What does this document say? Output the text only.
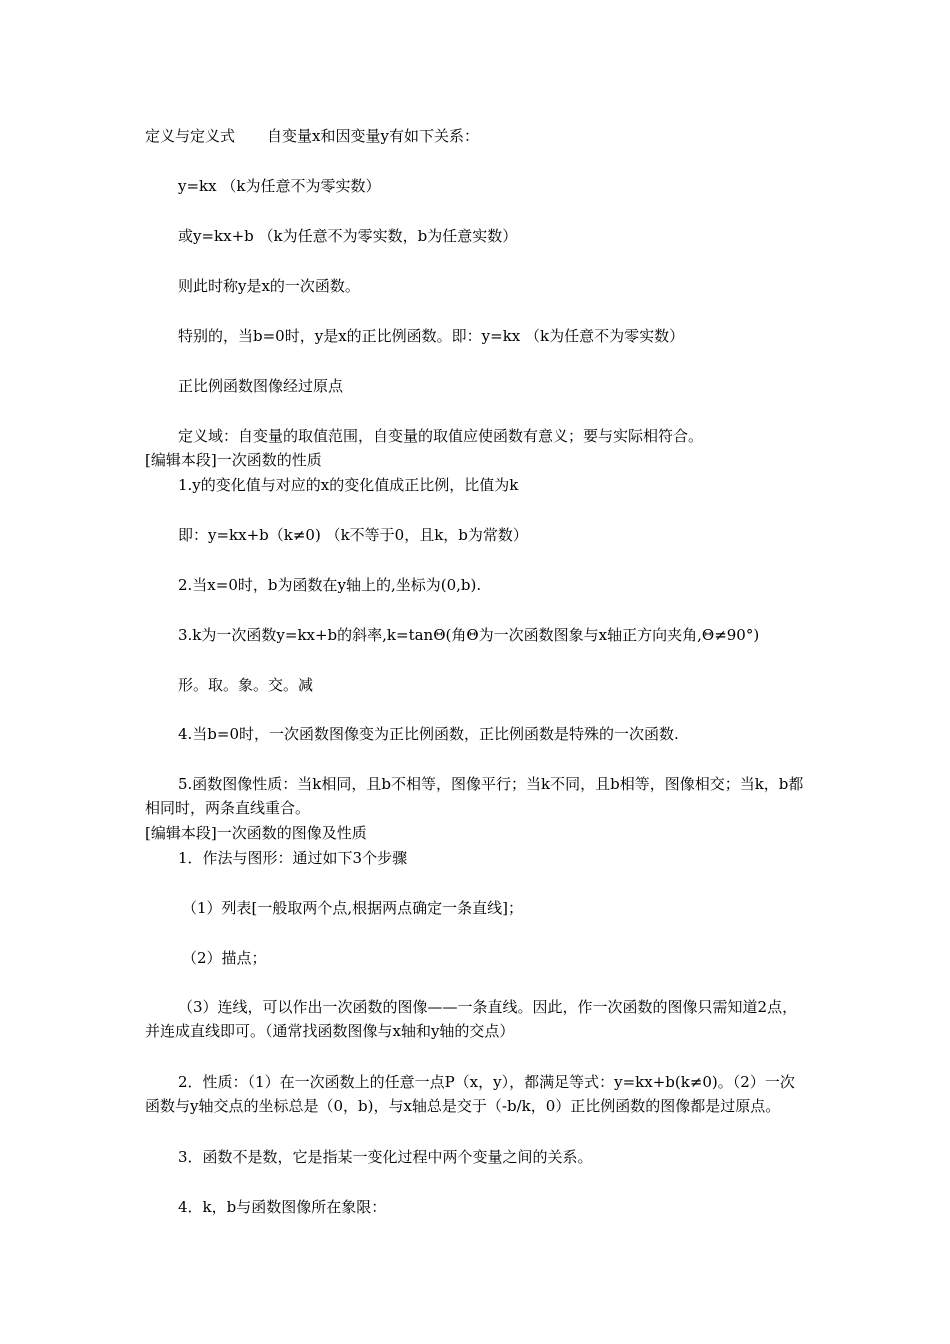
定义与定义式 自变量x和因变量y有如下关系：
y=kx （k为任意不为零实数）
或y=kx+b （k为任意不为零实数，b为任意实数）
则此时称y是x的一次函数。
特别的，当b=0时，y是x的正比例函数。即：y=kx （k为任意不为零实数）
正比例函数图像经过原点
定义域：自变量的取值范围，自变量的取值应使函数有意义；要与实际相符合。
[编辑本段]一次函数的性质
1.y的变化值与对应的x的变化值成正比例，比值为k
即：y=kx+b（k≠0) （k不等于0，且k，b为常数）
2.当x=0时，b为函数在y轴上的,坐标为(0,b).
3.k为一次函数y=kx+b的斜率,k=tanΘ(角Θ为一次函数图象与x轴正方向夹角,Θ≠90°)
形。取。象。交。减
4.当b=0时，一次函数图像变为正比例函数，正比例函数是特殊的一次函数.
5.函数图像性质：当k相同，且b不相等，图像平行；当k不同，且b相等，图像相交；当k，b都相同时，两条直线重合。
[编辑本段]一次函数的图像及性质
1．作法与图形：通过如下3个步骤
（1）列表[一般取两个点,根据两点确定一条直线]；
（2）描点；
（3）连线，可以作出一次函数的图像——一条直线。因此，作一次函数的图像只需知道2点，并连成直线即可。（通常找函数图像与x轴和y轴的交点）
2．性质：（1）在一次函数上的任意一点P（x，y），都满足等式：y=kx+b(k≠0)。（2）一次函数与y轴交点的坐标总是（0，b)，与x轴总是交于（-b/k，0）正比例函数的图像都是过原点。
3．函数不是数，它是指某一变化过程中两个变量之间的关系。
4．k，b与函数图像所在象限：
